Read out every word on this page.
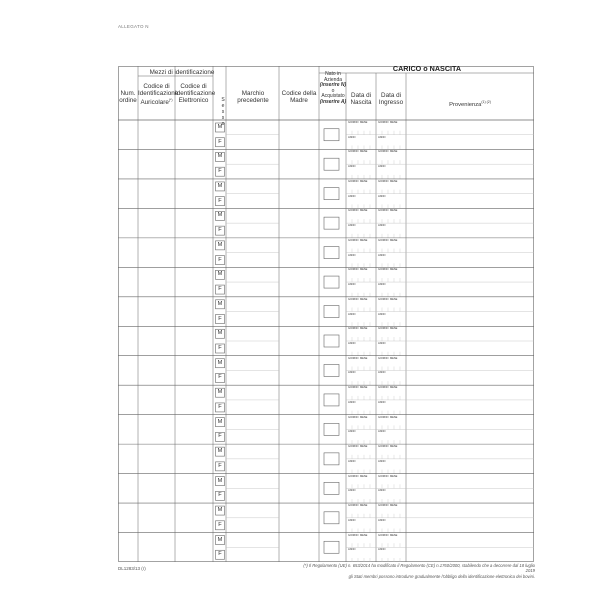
ALLEGATO N
Mezzi di identificazione
Num. ordine
Codice di Identificazione Auricolare(*)
Codice di Identificazione Elettronico	Sesso
Marchio precedente
Codice della Madre
CARICO o NASCITA
Nato in Azienda
(inserire N)
o
Acquistato
(inserire A)
Data di Nascita
Data di Ingresso	Provenienza$^{(1) (2)}$
M
F
GIORNO MESE
ANNO
GIORNO MESE
ANNO
M
F
GIORNO MESE
ANNO
GIORNO MESE
ANNO
M
F
GIORNO MESE
ANNO
GIORNO MESE
ANNO
M
F
GIORNO MESE
ANNO
GIORNO MESE
ANNO
M
F
GIORNO MESE
ANNO
GIORNO MESE
ANNO
M
F
GIORNO MESE
ANNO
GIORNO MESE
ANNO
M
F
GIORNO MESE
ANNO
GIORNO MESE
ANNO
M
F
GIORNO MESE
ANNO
GIORNO MESE
ANNO
M
F
GIORNO MESE
ANNO
GIORNO MESE
ANNO
M
F
GIORNO MESE
ANNO
GIORNO MESE
ANNO
M
F
GIORNO MESE
ANNO
GIORNO MESE
ANNO
M
F
GIORNO MESE
ANNO
GIORNO MESE
ANNO
M
F
GIORNO MESE
ANNO
GIORNO MESE
ANNO
M
F
GIORNO MESE
ANNO
GIORNO MESE
ANNO
M
F
GIORNO MESE
ANNO
GIORNO MESE
ANNO
DL1283/13 (r)
(*) Il Regolamento (UE) n. 653/2014 ha modificato il Regolamento (CE) n.1760/2000, stabilendo che a decorrere dal 18 luglio 2019
gli Stati membri possono introdurre gradualmente l'obbligo della identificazione elettronica dei bovini.
